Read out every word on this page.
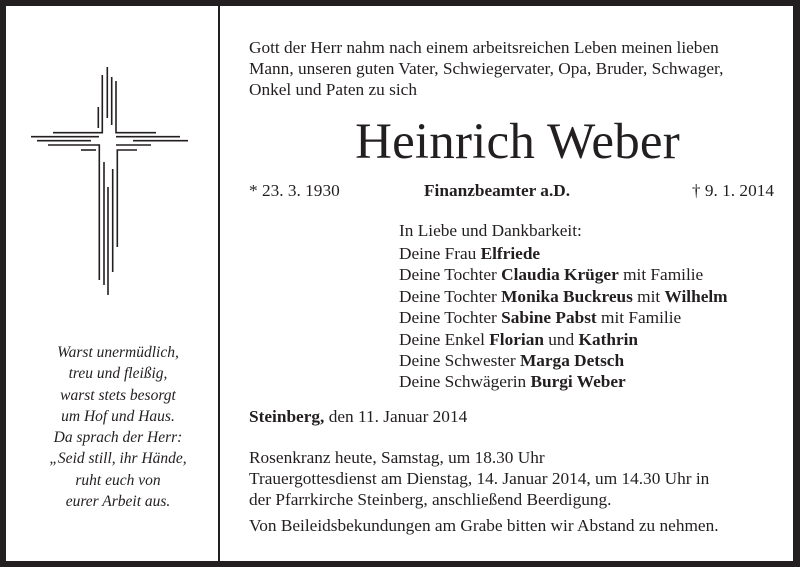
Warst unermüdlich,
treu und fleißig,
warst stets besorgt
um Hof und Haus.
Da sprach der Herr:
„Seid still, ihr Hände,
ruht euch von
eurer Arbeit aus.
Gott der Herr nahm nach einem arbeitsreichen Leben meinen lieben
Mann, unseren guten Vater, Schwiegervater, Opa, Bruder, Schwager,
Onkel und Paten zu sich
Heinrich Weber
* 23. 3. 1930	Finanzbeamter a.D.	† 9. 1. 2014
In Liebe und Dankbarkeit:
Deine Frau Elfriede
Deine Tochter Claudia Krüger mit Familie
Deine Tochter Monika Buckreus mit Wilhelm
Deine Tochter Sabine Pabst mit Familie
Deine Enkel Florian und Kathrin
Deine Schwester Marga Detsch
Deine Schwägerin Burgi Weber
Steinberg, den 11. Januar 2014
Rosenkranz heute, Samstag, um 18.30 Uhr
Trauergottesdienst am Dienstag, 14. Januar 2014, um 14.30 Uhr in
der Pfarrkirche Steinberg, anschließend Beerdigung.
Von Beileidsbekundungen am Grabe bitten wir Abstand zu nehmen.
